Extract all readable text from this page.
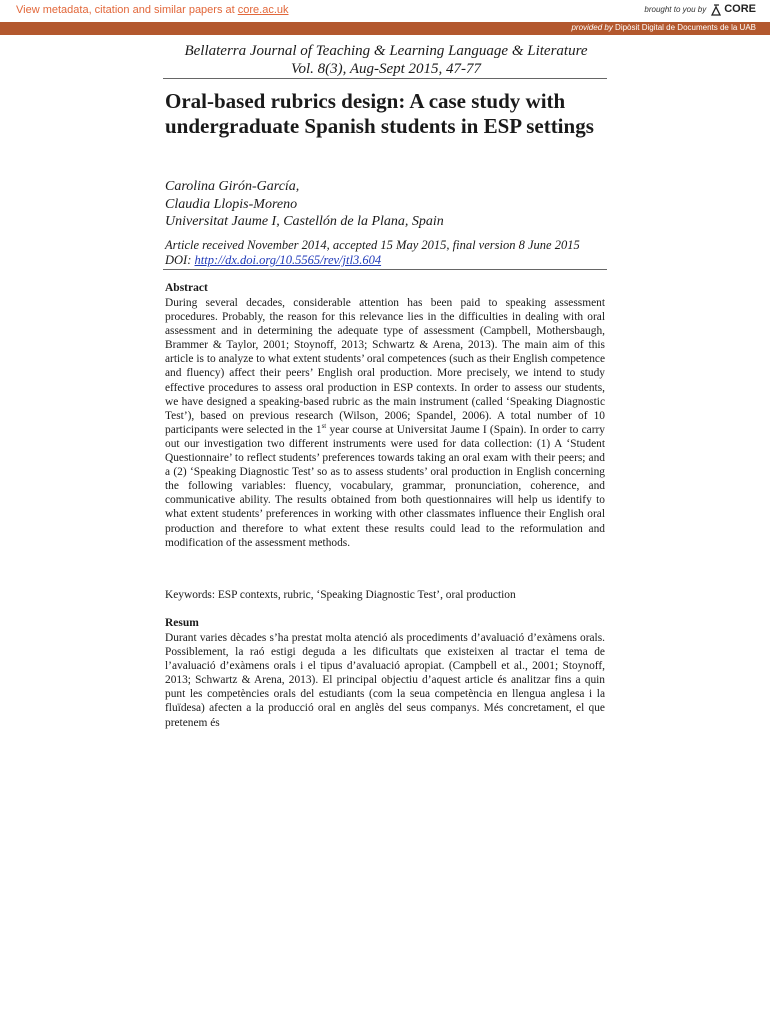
View metadata, citation and similar papers at core.ac.uk	brought to you by CORE
provided by Dipòsit Digital de Documents de la UAB
Bellaterra Journal of Teaching & Learning Language & Literature
Vol. 8(3), Aug-Sept 2015, 47-77
Oral-based rubrics design: A case study with undergraduate Spanish students in ESP settings
Carolina Girón-García,
Claudia Llopis-Moreno
Universitat Jaume I, Castellón de la Plana, Spain
Article received November 2014, accepted 15 May 2015, final version 8 June 2015
DOI: http://dx.doi.org/10.5565/rev/jtl3.604
Abstract
During several decades, considerable attention has been paid to speaking assessment procedures. Probably, the reason for this relevance lies in the difficulties in dealing with oral assessment and in determining the adequate type of assessment (Campbell, Mothersbaugh, Brammer & Taylor, 2001; Stoynoff, 2013; Schwartz & Arena, 2013). The main aim of this article is to analyze to what extent students’ oral competences (such as their English competence and fluency) affect their peers’ English oral production. More precisely, we intend to study effective procedures to assess oral production in ESP contexts. In order to assess our students, we have designed a speaking-based rubric as the main instrument (called ‘Speaking Diagnostic Test’), based on previous research (Wilson, 2006; Spandel, 2006). A total number of 10 participants were selected in the 1st year course at Universitat Jaume I (Spain). In order to carry out our investigation two different instruments were used for data collection: (1) A ‘Student Questionnaire’ to reflect students’ preferences towards taking an oral exam with their peers; and a (2) ‘Speaking Diagnostic Test’ so as to assess students’ oral production in English concerning the following variables: fluency, vocabulary, grammar, pronunciation, coherence, and communicative ability. The results obtained from both questionnaires will help us identify to what extent students’ preferences in working with other classmates influence their English oral production and therefore to what extent these results could lead to the reformulation and modification of the assessment methods.
Keywords: ESP contexts, rubric, ‘Speaking Diagnostic Test’, oral production
Resum
Durant varies dècades s’ha prestat molta atenció als procediments d’avaluació d’exàmens orals. Possiblement, la raó estigi deguda a les dificultats que existeixen al tractar el tema de l’avaluació d’exàmens orals i el tipus d’avaluació apropiat. (Campbell et al., 2001; Stoynoff, 2013; Schwartz & Arena, 2013). El principal objectiu d’aquest article és analitzar fins a quin punt les competències orals del estudiants (com la seua competència en llengua anglesa i la fluïdesa) afecten a la producció oral en anglès del seus companys. Més concretament, el que pretenem és
